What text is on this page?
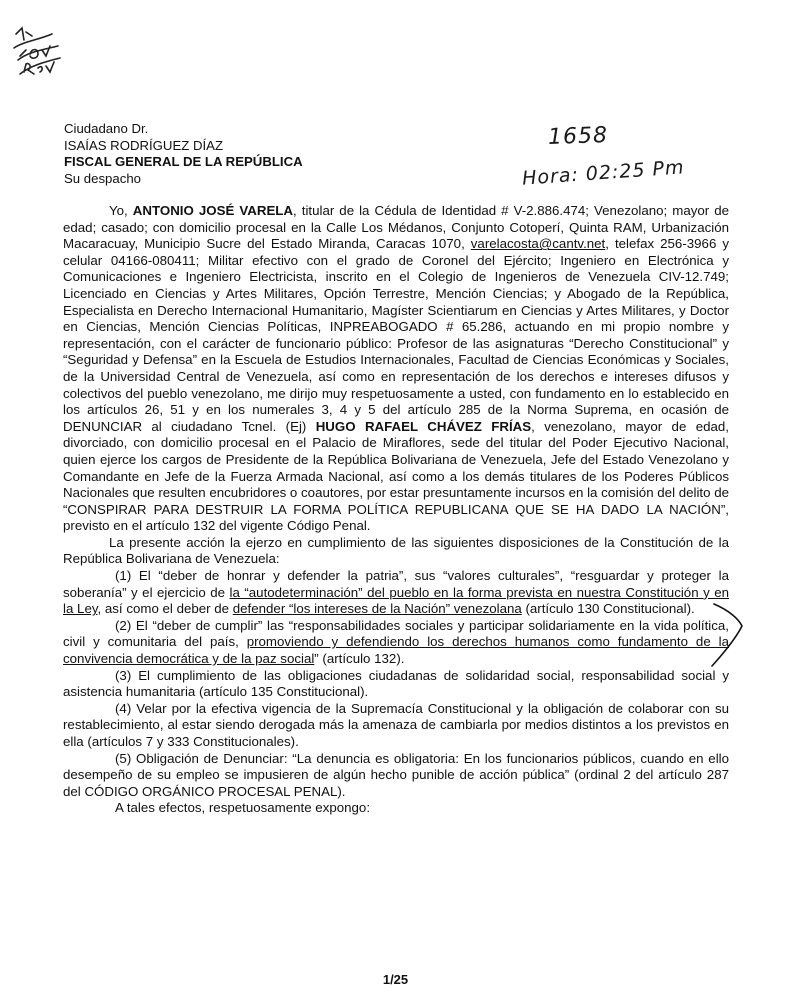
1658
Hora: 02:25 Pm
Ciudadano Dr.
ISAÍAS RODRÍGUEZ DÍAZ
FISCAL GENERAL DE LA REPÚBLICA
Su despacho

Yo, ANTONIO JOSÉ VARELA, titular de la Cédula de Identidad # V-2.886.474; Venezolano; mayor de edad; casado; con domicilio procesal en la Calle Los Médanos, Conjunto Cotoperí, Quinta RAM, Urbanización Macaracuay, Municipio Sucre del Estado Miranda, Caracas 1070, varelacosta@cantv.net, telefax 256-3966 y celular 04166-080411; Militar efectivo con el grado de Coronel del Ejército; Ingeniero en Electrónica y Comunicaciones e Ingeniero Electricista, inscrito en el Colegio de Ingenieros de Venezuela CIV-12.749; Licenciado en Ciencias y Artes Militares, Opción Terrestre, Mención Ciencias; y Abogado de la República, Especialista en Derecho Internacional Humanitario, Magíster Scientiarum en Ciencias y Artes Militares, y Doctor en Ciencias, Mención Ciencias Políticas, INPREABOGADO # 65.286, actuando en mi propio nombre y representación, con el carácter de funcionario público: Profesor de las asignaturas “Derecho Constitucional” y “Seguridad y Defensa” en la Escuela de Estudios Internacionales, Facultad de Ciencias Económicas y Sociales, de la Universidad Central de Venezuela, así como en representación de los derechos e intereses difusos y colectivos del pueblo venezolano, me dirijo muy respetuosamente a usted, con fundamento en lo establecido en los artículos 26, 51 y en los numerales 3, 4 y 5 del artículo 285 de la Norma Suprema, en ocasión de DENUNCIAR al ciudadano Tcnel. (Ej) HUGO RAFAEL CHÁVEZ FRÍAS, venezolano, mayor de edad, divorciado, con domicilio procesal en el Palacio de Miraflores, sede del titular del Poder Ejecutivo Nacional, quien ejerce los cargos de Presidente de la República Bolivariana de Venezuela, Jefe del Estado Venezolano y Comandante en Jefe de la Fuerza Armada Nacional, así como a los demás titulares de los Poderes Públicos Nacionales que resulten encubridores o coautores, por estar presuntamente incursos en la comisión del delito de “CONSPIRAR PARA DESTRUIR LA FORMA POLÍTICA REPUBLICANA QUE SE HA DADO LA NACIÓN”, previsto en el artículo 132 del vigente Código Penal.

La presente acción la ejerzo en cumplimiento de las siguientes disposiciones de la Constitución de la República Bolivariana de Venezuela:

(1) El “deber de honrar y defender la patria”, sus “valores culturales”, “resguardar y proteger la soberanía” y el ejercicio de la “autodeterminación” del pueblo en la forma prevista en nuestra Constitución y en la Ley, así como el deber de defender “los intereses de la Nación” venezolana (artículo 130 Constitucional).

(2) El “deber de cumplir” las “responsabilidades sociales y participar solidariamente en la vida política, civil y comunitaria del país, promoviendo y defendiendo los derechos humanos como fundamento de la convivencia democrática y de la paz social” (artículo 132).

(3) El cumplimiento de las obligaciones ciudadanas de solidaridad social, responsabilidad social y asistencia humanitaria (artículo 135 Constitucional).

(4) Velar por la efectiva vigencia de la Supremacía Constitucional y la obligación de colaborar con su restablecimiento, al estar siendo derogada más la amenaza de cambiarla por medios distintos a los previstos en ella (artículos 7 y 333 Constitucionales).

(5) Obligación de Denunciar: “La denuncia es obligatoria: En los funcionarios públicos, cuando en ello desempeño de su empleo se impusieren de algún hecho punible de acción pública” (ordinal 2 del artículo 287 del CÓDIGO ORGÁNICO PROCESAL PENAL).

A tales efectos, respetuosamente expongo:

1/25
